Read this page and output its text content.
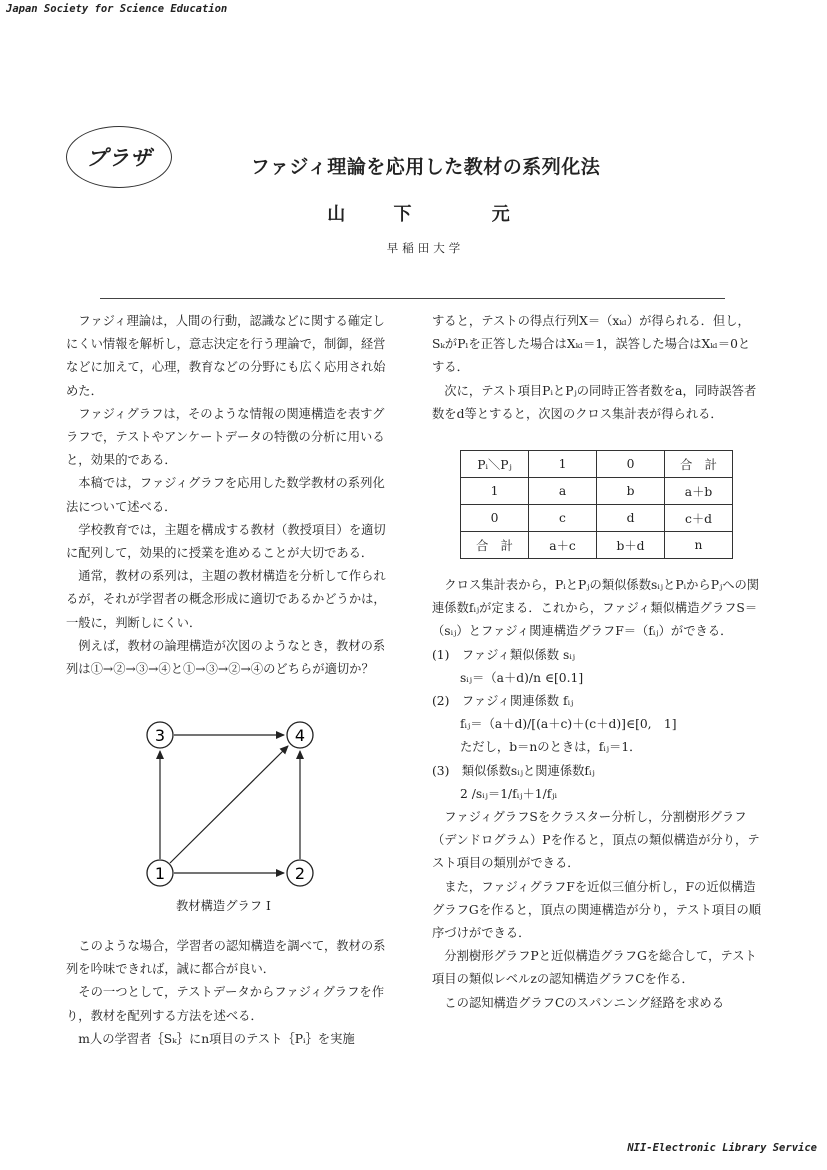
Japan Society for Science Education
プラザ	ファジィ理論を応用した教材の系列化法
山 下　 元
早稲田大学

ファジィ理論は，人間の行動，認識などに関する確定しにくい情報を解析し，意志決定を行う理論で，制御，経営などに加えて，心理，教育などの分野にも広く応用され始めた．

ファジィグラフは，そのような情報の関連構造を表すグラフで，テストやアンケートデータの特徴の分析に用いると，効果的である．

本稿では，ファジィグラフを応用した数学教材の系列化法について述べる．

学校教育では，主題を構成する教材（教授項目）を適切に配列して，効果的に授業を進めることが大切である．

通常，教材の系列は，主題の教材構造を分析して作られるが，それが学習者の概念形成に適切であるかどうかは，一般に，判断しにくい．

例えば，教材の論理構造が次図のようなとき，教材の系列は①→②→③→④と①→③→②→④のどちらが適切か？

3	4
1	2
教材構造グラフ I

このような場合，学習者の認知構造を調べて，教材の系列を吟味できれば，誠に都合が良い．

その一つとして，テストデータからファジィグラフを作り，教材を配列する方法を述べる．

m人の学習者｛Sₖ｝にn項目のテスト｛Pᵢ｝を実施

すると，テストの得点行列X＝（xₖₗ）が得られる．但し，SₖがPₗを正答した場合はXₖₗ＝1，誤答した場合はXₖₗ＝0とする．

次に，テスト項目PᵢとPⱼの同時正答者数をa，同時誤答者数をd等とすると，次図のクロス集計表が得られる．

クロス集計表から，PᵢとPⱼの類似係数sᵢⱼとPᵢからPⱼへの関連係数fᵢⱼが定まる．これから，ファジィ類似構造グラフS＝（sᵢⱼ）とファジィ関連構造グラフF＝（fᵢⱼ）ができる．

(1)　ファジィ類似係数 sᵢⱼ

sᵢⱼ＝（a＋d)/n ∈[0.1]

(2)　ファジィ関連係数 fᵢⱼ

fᵢⱼ＝（a＋d)/[(a＋c)＋(c＋d)]∈[0,　1]

ただし，b＝nのときは，fᵢⱼ＝1．

(3)　類似係数sᵢⱼと関連係数fᵢⱼ

2 /sᵢⱼ＝1/fᵢⱼ＋1/fⱼᵢ

ファジィグラフSをクラスター分析し，分割樹形グラフ（デンドログラム）Pを作ると，頂点の類似構造が分り，テスト項目の類別ができる．

また，ファジィグラフFを近似三値分析し，Fの近似構造グラフGを作ると，頂点の関連構造が分り，テスト項目の順序づけができる．

分割樹形グラフPと近似構造グラフGを総合して，テスト項目の類似レベルzの認知構造グラフCを作る．

この認知構造グラフCのスパンニング経路を求める

Pᵢ＼Pⱼ	1	0	合　計
1	a	b	a＋b
0	c	d	c＋d
合　計	a＋c	b＋d	n
NII-Electronic Library Service
